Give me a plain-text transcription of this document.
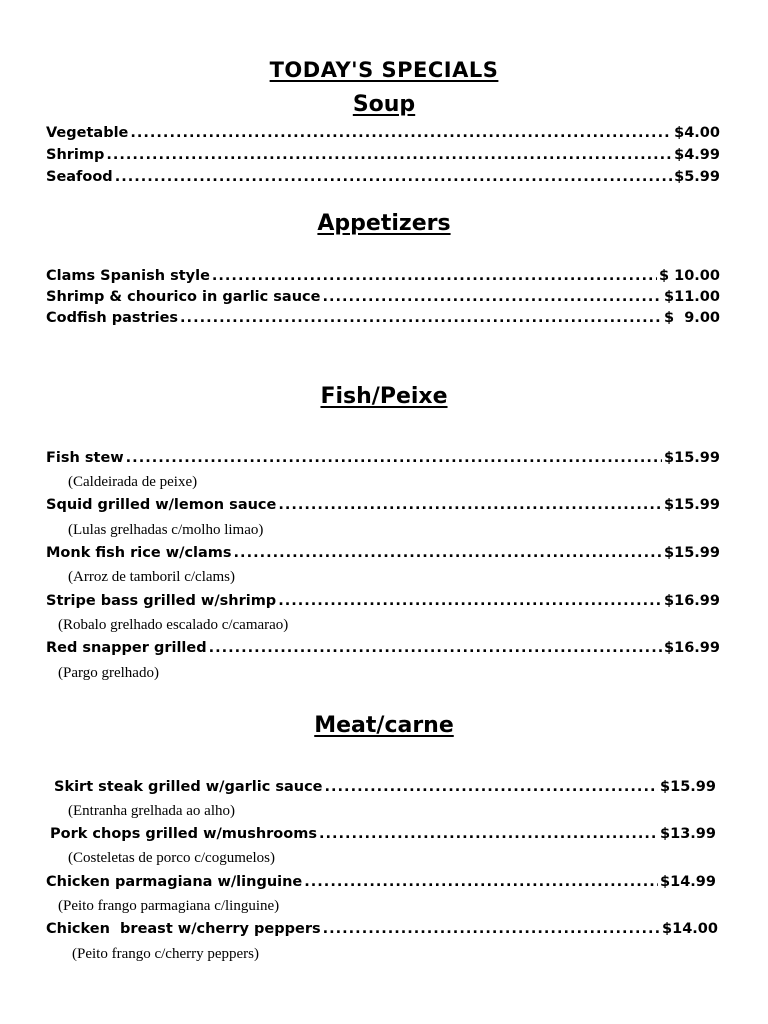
TODAY'S SPECIALS
Soup
Vegetable .....	$4.00
Shrimp .....	$4.99
Seafood .....	$5.99
Appetizers
Clams Spanish style .....	$ 10.00
Shrimp & chourico in garlic sauce .....	$11.00
Codfish pastries .....	$  9.00
Fish/Peixe
Fish stew .....	$15.99
(Caldeirada de peixe)
Squid grilled w/lemon sauce .....	$15.99
(Lulas grelhadas c/molho limao)
Monk fish rice w/clams .....	$15.99
(Arroz de tamboril c/clams)
Stripe bass grilled w/shrimp .....	$16.99
(Robalo grelhado escalado c/camarao)
Red snapper grilled .....	$16.99
(Pargo grelhado)
Meat/carne
Skirt steak grilled w/garlic sauce .....	$15.99
(Entranha grelhada ao alho)
Pork chops grilled w/mushrooms .....	$13.99
(Costeletas de porco c/cogumelos)
Chicken parmagiana w/linguine .....	$14.99
(Peito frango parmagiana c/linguine)
Chicken  breast w/cherry peppers .....	$14.00
(Peito frango c/cherry peppers)
